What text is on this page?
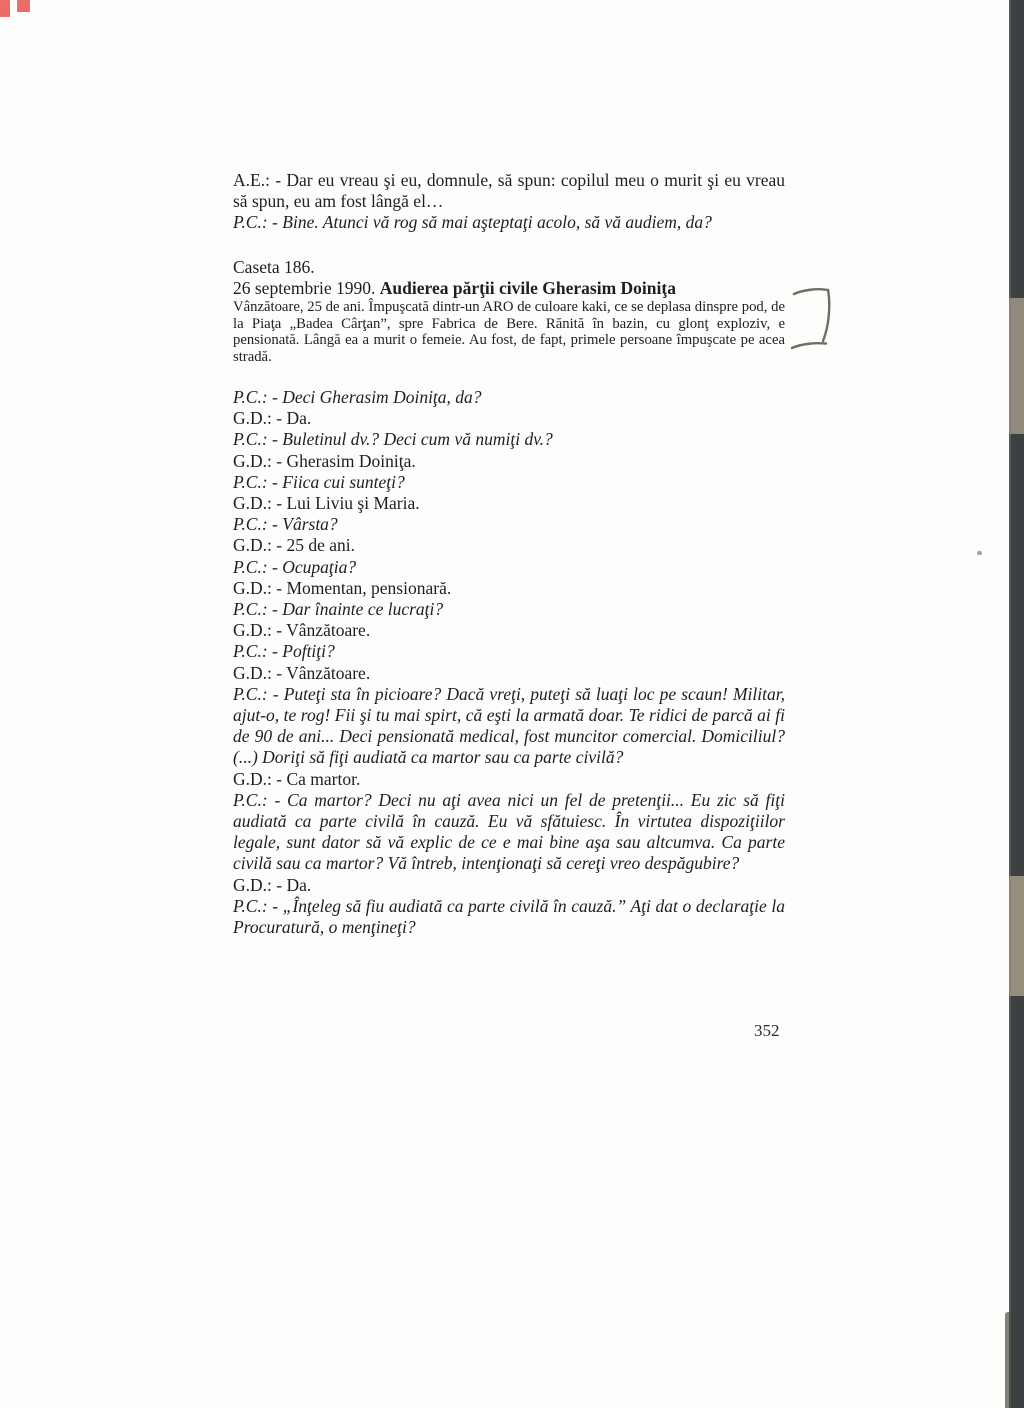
A.E.: - Dar eu vreau şi eu, domnule, să spun: copilul meu o murit şi eu vreau să spun, eu am fost lângă el…

P.C.: - Bine. Atunci vă rog să mai aşteptaţi acolo, să vă audiem, da?

Caseta 186.

26 septembrie 1990. Audierea părţii civile Gherasim Doiniţa

Vânzătoare, 25 de ani. Împuşcată dintr-un ARO de culoare kaki, ce se deplasa dinspre pod, de la Piaţa „Badea Cârţan”, spre Fabrica de Bere. Rănită în bazin, cu glonţ exploziv, e pensionată. Lângă ea a murit o femeie. Au fost, de fapt, primele persoane împuşcate pe acea stradă.

P.C.: - Deci Gherasim Doiniţa, da?

G.D.: - Da.

P.C.: - Buletinul dv.? Deci cum vă numiţi dv.?

G.D.: - Gherasim Doiniţa.

P.C.: - Fiica cui sunteţi?

G.D.: - Lui Liviu şi Maria.

P.C.: - Vârsta?

G.D.: - 25 de ani.

P.C.: - Ocupaţia?

G.D.: - Momentan, pensionară.

P.C.: - Dar înainte ce lucraţi?

G.D.: - Vânzătoare.

P.C.: - Poftiţi?

G.D.: - Vânzătoare.

P.C.: - Puteţi sta în picioare? Dacă vreţi, puteţi să luaţi loc pe scaun! Militar, ajut-o, te rog! Fii şi tu mai spirt, că eşti la armată doar. Te ridici de parcă ai fi de 90 de ani... Deci pensionată medical, fost muncitor comercial. Domiciliul? (...) Doriţi să fiţi audiată ca martor sau ca parte civilă?

G.D.: - Ca martor.

P.C.: - Ca martor? Deci nu aţi avea nici un fel de pretenţii... Eu zic să fiţi audiată ca parte civilă în cauză. Eu vă sfătuiesc. În virtutea dispoziţiilor legale, sunt dator să vă explic de ce e mai bine aşa sau altcumva. Ca parte civilă sau ca martor? Vă întreb, intenţionaţi să cereţi vreo despăgubire?

G.D.: - Da.

P.C.: - „Înţeleg să fiu audiată ca parte civilă în cauză.” Aţi dat o declaraţie la Procuratură, o menţineţi?

352
